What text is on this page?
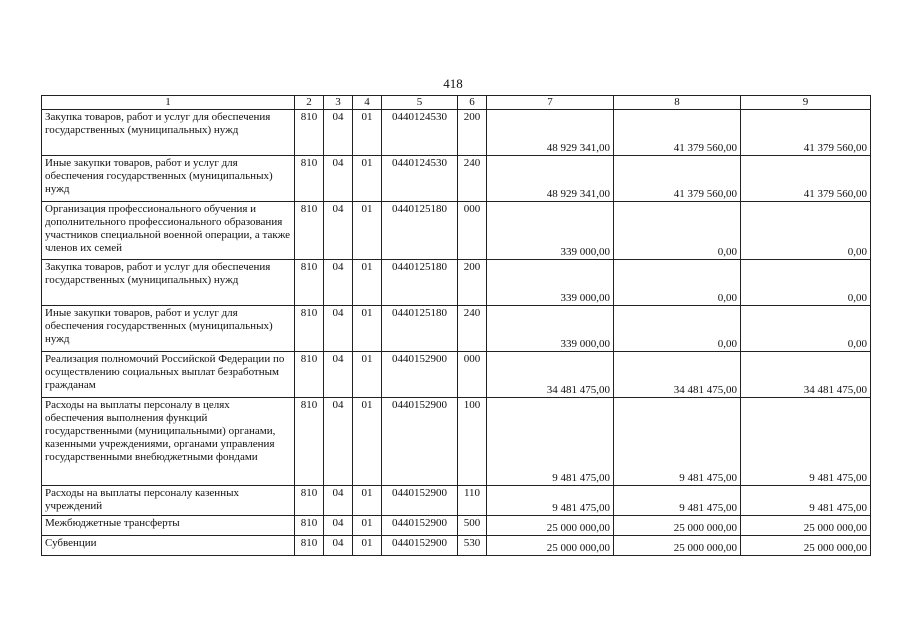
418
1	2	3	4	5	6	7	8	9
Закупка товаров, работ и услуг для обеспечения государственных (муниципальных) нужд	810	04	01	0440124530	200	48 929 341,00	41 379 560,00	41 379 560,00
Иные закупки товаров, работ и услуг для обеспечения государственных (муниципальных) нужд	810	04	01	0440124530	240	48 929 341,00	41 379 560,00	41 379 560,00
Организация профессионального обучения и дополнительного профессионального образования участников специальной военной операции, а также членов их семей	810	04	01	0440125180	000	339 000,00	0,00	0,00
Закупка товаров, работ и услуг для обеспечения государственных (муниципальных) нужд	810	04	01	0440125180	200	339 000,00	0,00	0,00
Иные закупки товаров, работ и услуг для обеспечения государственных (муниципальных) нужд	810	04	01	0440125180	240	339 000,00	0,00	0,00
Реализация полномочий Российской Федерации по осуществлению социальных выплат безработным гражданам	810	04	01	0440152900	000	34 481 475,00	34 481 475,00	34 481 475,00
Расходы на выплаты персоналу в целях обеспечения выполнения функций государственными (муниципальными) органами, казенными учреждениями, органами управления государственными внебюджетными фондами	810	04	01	0440152900	100	9 481 475,00	9 481 475,00	9 481 475,00
Расходы на выплаты персоналу казенных учреждений	810	04	01	0440152900	110	9 481 475,00	9 481 475,00	9 481 475,00
Межбюджетные трансферты	810	04	01	0440152900	500	25 000 000,00	25 000 000,00	25 000 000,00
Субвенции	810	04	01	0440152900	530	25 000 000,00	25 000 000,00	25 000 000,00
